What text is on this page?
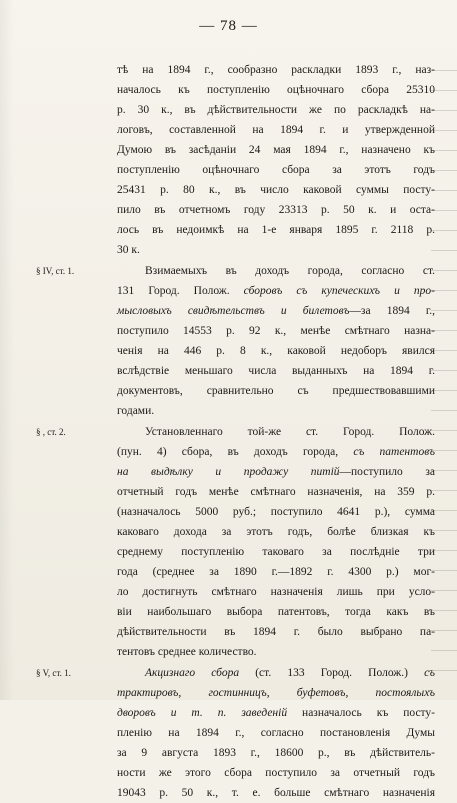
— 78 —
тѣ на 1894 г., сообразно раскладки 1893 г., наз-
началось къ поступленію оцѣночнаго сбора 25310
р. 30 к., въ дѣйствительности же по раскладкѣ на-
логовъ, составленной на 1894 г. и утвержденной
Думою въ засѣданіи 24 мая 1894 г., назначено къ
поступленію оцѣночнаго сбора за этотъ годъ
25431 р. 80 к., въ число каковой суммы посту-
пило въ отчетномъ году 23313 р. 50 к. и оста-
лось въ недоимкѣ на 1-е января 1895 г. 2118 р.
30 к.
§ IV, ст. 1.	Взимаемыхъ въ доходъ города, согласно ст.
131 Город. Полож. сборовъ съ купеческихъ и про-
мысловыхъ свидѣтельствъ и билетовъ—за 1894 г.,
поступило 14553 р. 92 к., менѣе смѣтнаго назна-
ченія на 446 р. 8 к., каковой недоборъ явился
вслѣдствіе меньшаго числа выданныхъ на 1894 г.
документовъ, сравнительно съ предшествовавшими
годами.
§ , ст. 2.	Установленнаго той-же ст. Город. Полож.
(пун. 4) сбора, въ доходъ города, съ патентовъ
на выдѣлку и продажу питій—поступило за
отчетный годъ менѣе смѣтнаго назначенія, на 359 р.
(назначалось 5000 руб.; поступило 4641 р.), сумма
каковаго дохода за этотъ годъ, болѣе близкая къ
среднему поступленію таковаго за послѣдніе три
года (среднее за 1890 г.—1892 г. 4300 р.) мог-
ло достигнуть смѣтнаго назначенія лишь при усло-
віи наибольшаго выбора патентовъ, тогда какъ въ
дѣйствительности въ 1894 г. было выбрано па-
тентовъ среднее количество.
§ V, ст. 1.	Акцизнаго сбора (ст. 133 Город. Полож.) съ
трактировъ, гостинницъ, буфетовъ, постоялыхъ
дворовъ и т. п. заведеній назначалось къ посту-
пленію на 1894 г., согласно постановленія Думы
за 9 августа 1893 г., 18600 р., въ дѣйствитель-
ности же этого сбора поступило за отчетный годъ
19043 р. 50 к., т. е. больше смѣтнаго назначенія
